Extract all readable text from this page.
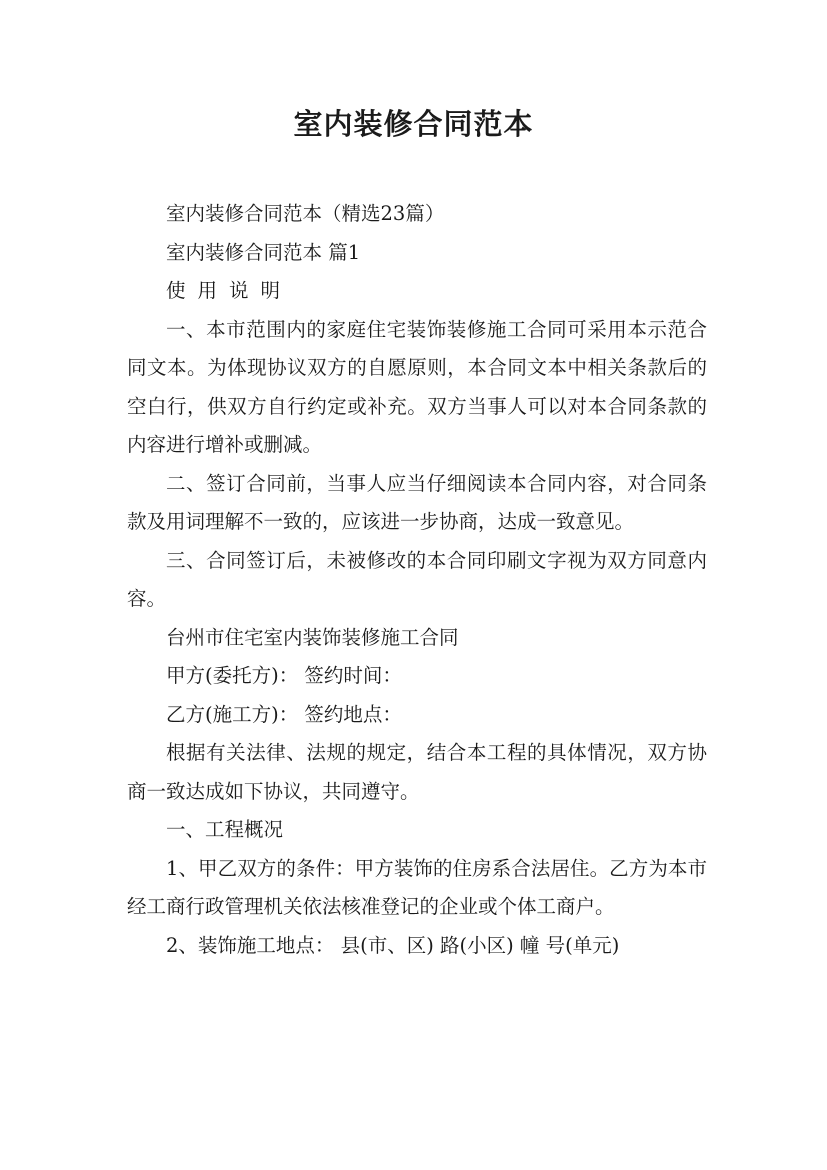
室内装修合同范本

室内装修合同范本（精选23篇）

室内装修合同范本 篇1

使用说明

一、本市范围内的家庭住宅装饰装修施工合同可采用本示范合同文本。为体现协议双方的自愿原则，本合同文本中相关条款后的空白行，供双方自行约定或补充。双方当事人可以对本合同条款的内容进行增补或删减。

二、签订合同前，当事人应当仔细阅读本合同内容，对合同条款及用词理解不一致的，应该进一步协商，达成一致意见。

三、合同签订后，未被修改的本合同印刷文字视为双方同意内容。

台州市住宅室内装饰装修施工合同

甲方(委托方)： 签约时间：

乙方(施工方)： 签约地点：

根据有关法律、法规的规定，结合本工程的具体情况，双方协商一致达成如下协议，共同遵守。

一、工程概况

1、甲乙双方的条件：甲方装饰的住房系合法居住。乙方为本市经工商行政管理机关依法核准登记的企业或个体工商户。

2、装饰施工地点： 县(市、区) 路(小区) 幢 号(单元)
